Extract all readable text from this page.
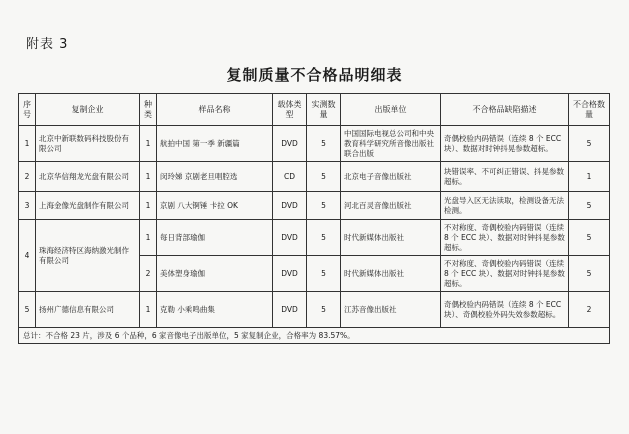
附表 3
复制质量不合格品明细表
序号	复制企业	种类	样品名称	载体类型	实测数量	出版单位	不合格品缺陷描述	不合格数量
1	北京中新联数码科技股份有限公司	1	航拍中国 第一季 新疆篇	DVD	5	中国国际电视总公司和中央教育科学研究所音像出版社联合出版	奇偶校验内码错误（连续 8 个 ECC 块）、数据对时钟抖晃参数超标。	5
2	北京华信翔龙光盘有限公司	1	闵玲娣 京剧老旦唱腔选	CD	5	北京电子音像出版社	块错误率、不可纠正错误、抖晃参数超标。	1
3	上海金像光盘制作有限公司	1	京剧 八大锕锤 卡拉 OK	DVD	5	河北百灵音像出版社	光盘导入区无法读取，检测设备无法检测。	5
4	珠海经济特区海纳激光制作有限公司	1	每日背部瑜伽	DVD	5	时代新媒体出版社	不对称度、奇偶校验内码错误（连续 8 个 ECC 块）、数据对时钟抖晃参数超标。	5
		2	美体塑身瑜伽	DVD	5	时代新媒体出版社	不对称度、奇偶校验内码错误（连续 8 个 ECC 块）、数据对时钟抖晃参数超标。	5
5	扬州广德信息有限公司	1	克勒 小乘鸣曲集	DVD	5	江苏音像出版社	奇偶校验内码错误（连续 8 个 ECC 块）、奇偶校验外码失效参数超标。	2
总计：不合格 23 片，涉及 6 个品种，6 家音像电子出版单位，5 家复制企业，合格率为 83.57%。								
